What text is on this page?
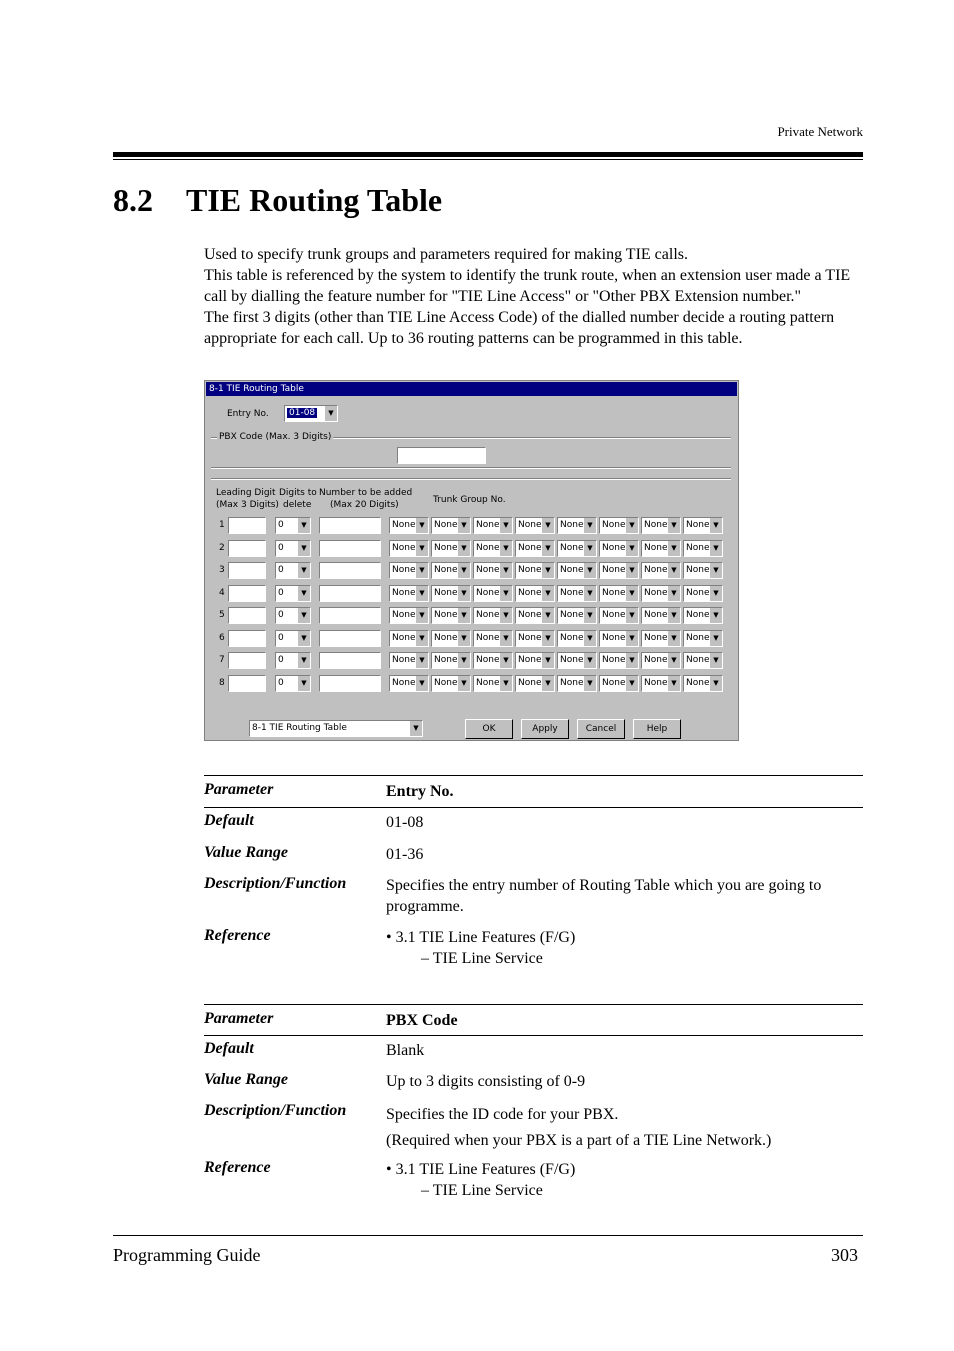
Private Network
8.2 TIE Routing Table

Used to specify trunk groups and parameters required for making TIE calls.

This table is referenced by the system to identify the trunk route, when an extension user made a TIE call by dialling the feature number for "TIE Line Access" or "Other PBX Extension number."

The first 3 digits (other than TIE Line Access Code) of the dialled number decide a routing pattern appropriate for each call. Up to 36 routing patterns can be programmed in this table.

8-1 TIE Routing Table
Entry No.	01-08	▼
PBX Code (Max. 3 Digits)
Leading Digit
(Max 3 Digits)
Digits to
delete
Number to be added
(Max 20 Digits)	Trunk Group No.
1	0	▼	None ▼	None ▼	None ▼	None ▼	None ▼	None ▼	None ▼	None ▼
2	0	▼	None ▼	None ▼	None ▼	None ▼	None ▼	None ▼	None ▼	None ▼
3	0	▼	None ▼	None ▼	None ▼	None ▼	None ▼	None ▼	None ▼	None ▼
4	0	▼	None ▼	None ▼	None ▼	None ▼	None ▼	None ▼	None ▼	None ▼
5	0	▼	None ▼	None ▼	None ▼	None ▼	None ▼	None ▼	None ▼	None ▼
6	0	▼	None ▼	None ▼	None ▼	None ▼	None ▼	None ▼	None ▼	None ▼
7	0	▼	None ▼	None ▼	None ▼	None ▼	None ▼	None ▼	None ▼	None ▼
8	0	▼	None ▼	None ▼	None ▼	None ▼	None ▼	None ▼	None ▼	None ▼
8-1 TIE Routing Table	▼	OK	Apply	Cancel	Help
Parameter	Entry No.
Default	01-08
Value Range	01-36
Description/Function Specifies the entry number of Routing Table which you are going to programme.

Reference	• 3.1 TIE Line Features (F/G)

– TIE Line Service

Parameter	PBX Code
Default	Blank
Value Range	Up to 3 digits consisting of 0-9
Description/Function Specifies the ID code for your PBX.

(Required when your PBX is a part of a TIE Line Network.)

Reference	• 3.1 TIE Line Features (F/G)

– TIE Line Service

Programming Guide	303
